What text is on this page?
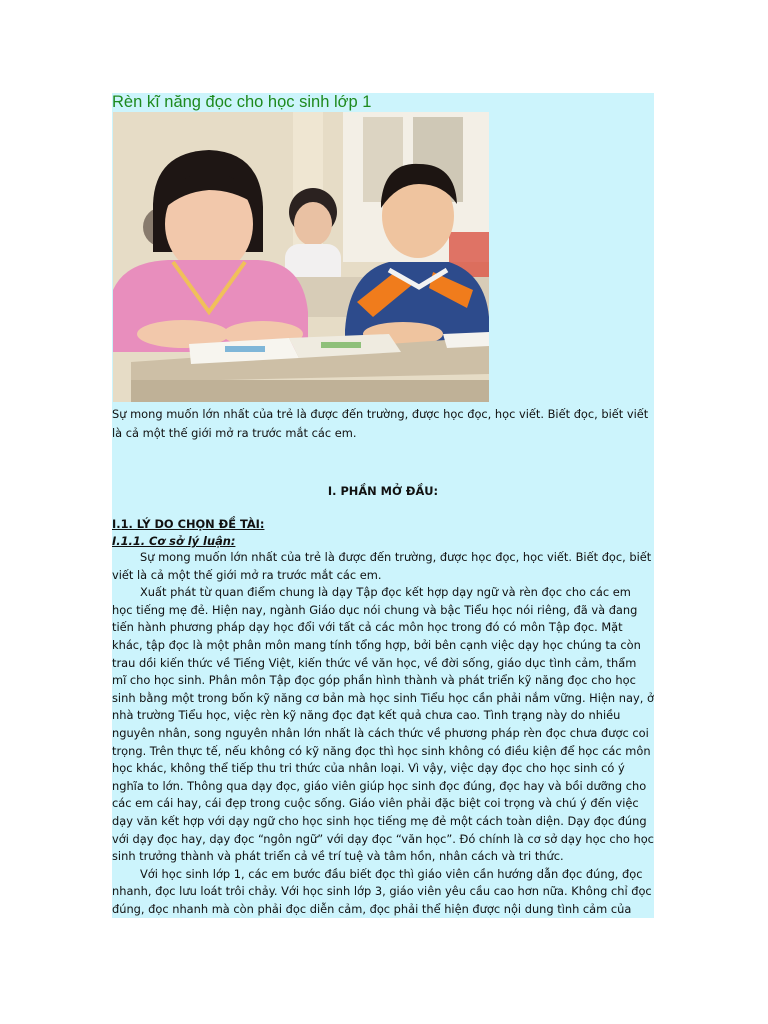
Rèn kĩ năng đọc cho học sinh lớp 1
Sự mong muốn lớn nhất của trẻ là được đến trường, được học đọc, học viết. Biết đọc, biết viết là cả một thế giới mở ra trước mắt các em.
I. PHẦN MỞ ĐẦU:
I.1. LÝ DO CHỌN ĐỀ TÀI:
I.1.1. Cơ sở lý luận:

Sự mong muốn lớn nhất của trẻ là được đến trường, được học đọc, học viết. Biết đọc, biết viết là cả một thế giới mở ra trước mắt các em.

Xuất phát từ quan điểm chung là dạy Tập đọc kết hợp dạy ngữ và rèn đọc cho các em học tiếng mẹ đẻ. Hiện nay, ngành Giáo dục nói chung và bậc Tiểu học nói riêng, đã và đang tiến hành phương pháp dạy học đổi với tất cả các môn học trong đó có môn Tập đọc. Mặt khác, tập đọc là một phân môn mang tính tổng hợp, bởi bên cạnh việc dạy học chúng ta còn trau dồi kiến thức về Tiếng Việt, kiến thức về văn học, về đời sống, giáo dục tình cảm, thẩm mĩ cho học sinh. Phân môn Tập đọc góp phần hình thành và phát triển kỹ năng đọc cho học sinh bằng một trong bốn kỹ năng cơ bản mà học sinh Tiểu học cần phải nắm vững. Hiện nay, ở nhà trường Tiểu học, việc rèn kỹ năng đọc đạt kết quả chưa cao. Tình trạng này do nhiều nguyên nhân, song nguyên nhân lớn nhất là cách thức về phương pháp rèn đọc chưa được coi trọng. Trên thực tế, nếu không có kỹ năng đọc thì học sinh không có điều kiện để học các môn học khác, không thể tiếp thu tri thức của nhân loại. Vì vậy, việc dạy đọc cho học sinh có ý nghĩa to lớn. Thông qua dạy đọc, giáo viên giúp học sinh đọc đúng, đọc hay và bồi dưỡng cho các em cái hay, cái đẹp trong cuộc sống. Giáo viên phải đặc biệt coi trọng và chú ý đến việc dạy văn kết hợp với dạy ngữ cho học sinh học tiếng mẹ đẻ một cách toàn diện. Dạy đọc đúng với dạy đọc hay, dạy đọc “ngôn ngữ” với dạy đọc “văn học”. Đó chính là cơ sở dạy học cho học sinh trưởng thành và phát triển cả về trí tuệ và tâm hồn, nhân cách và tri thức.

Với học sinh lớp 1, các em bước đầu biết đọc thì giáo viên cần hướng dẫn đọc đúng, đọc nhanh, đọc lưu loát trôi chảy. Với học sinh lớp 3, giáo viên yêu cầu cao hơn nữa. Không chỉ đọc đúng, đọc nhanh mà còn phải đọc diễn cảm, đọc phải thể hiện được nội dung tình cảm của
